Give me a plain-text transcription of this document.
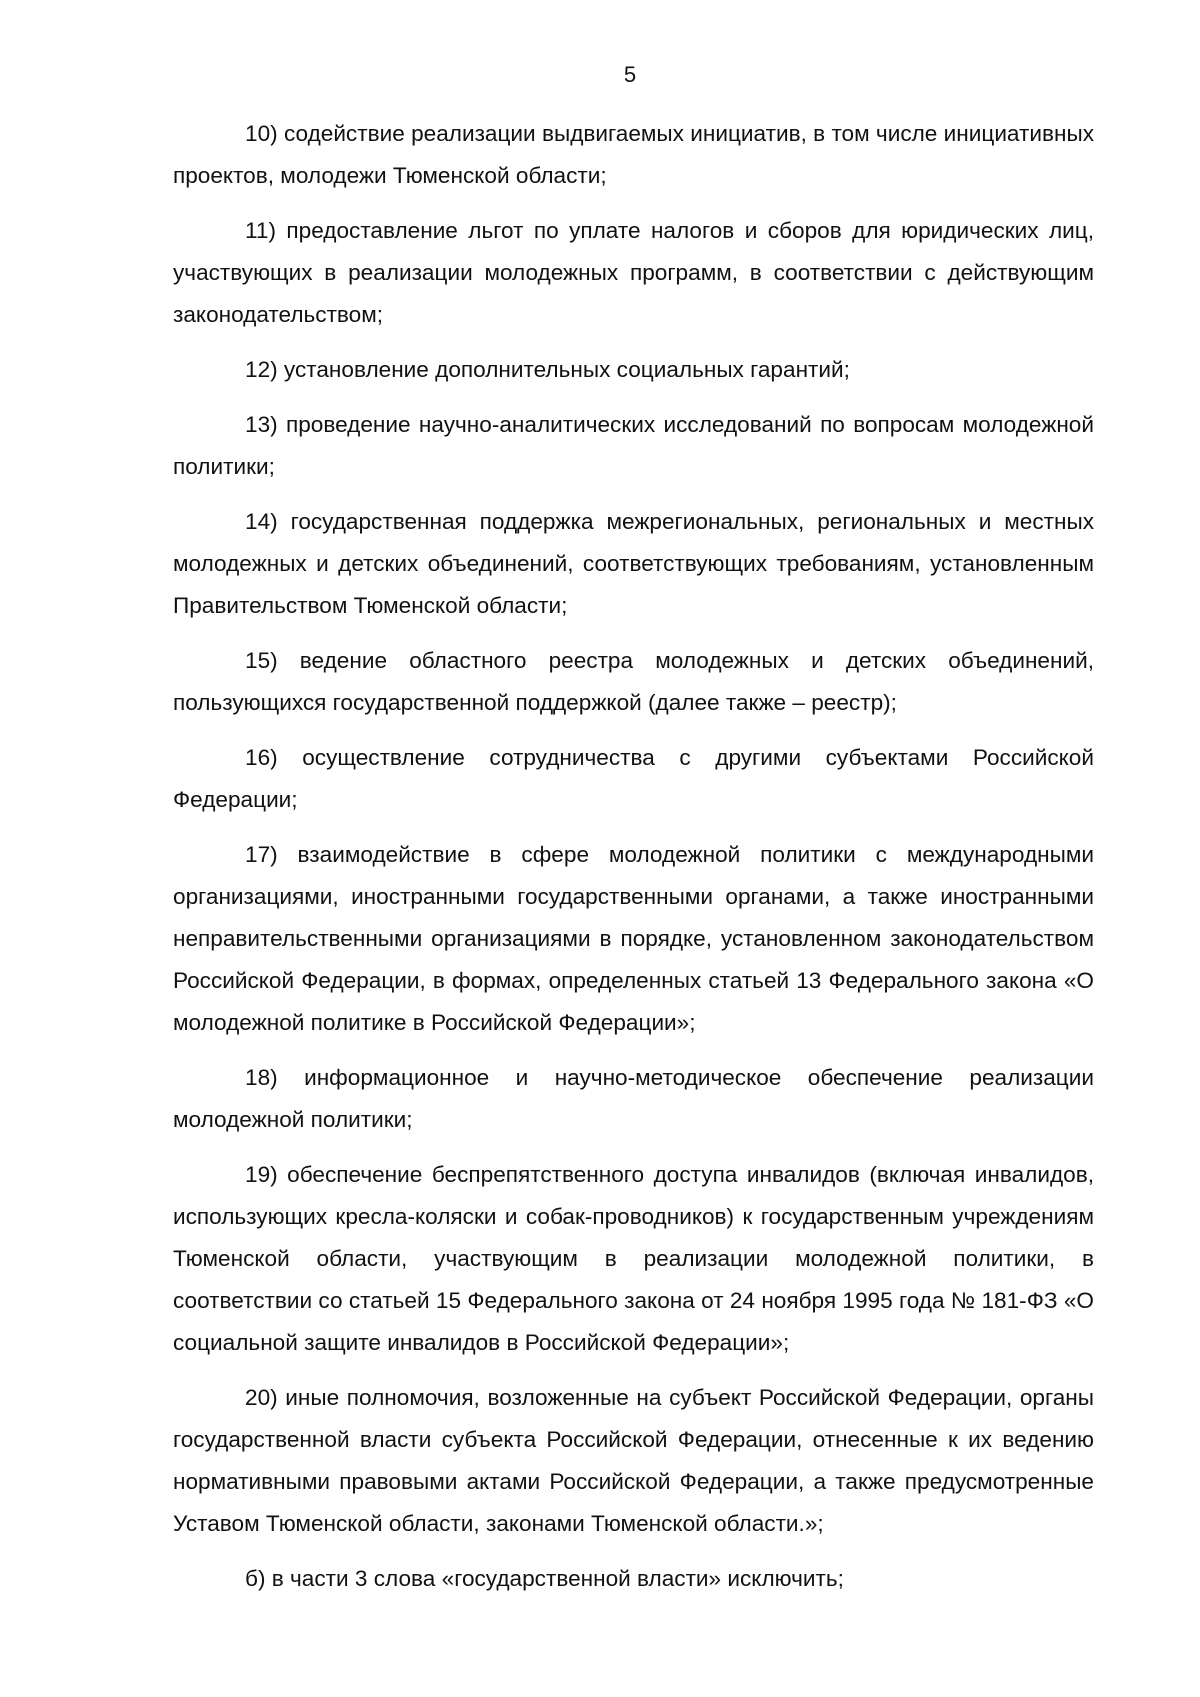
5

10) содействие реализации выдвигаемых инициатив, в том числе инициативных проектов, молодежи Тюменской области;

11) предоставление льгот по уплате налогов и сборов для юридических лиц, участвующих в реализации молодежных программ, в соответствии с действующим законодательством;

12) установление дополнительных социальных гарантий;

13) проведение научно-аналитических исследований по вопросам молодежной политики;

14) государственная поддержка межрегиональных, региональных и местных молодежных и детских объединений, соответствующих требованиям, установленным Правительством Тюменской области;

15) ведение областного реестра молодежных и детских объединений, пользующихся государственной поддержкой (далее также – реестр);

16) осуществление сотрудничества с другими субъектами Российской Федерации;

17) взаимодействие в сфере молодежной политики с международными организациями, иностранными государственными органами, а также иностранными неправительственными организациями в порядке, установленном законодательством Российской Федерации, в формах, определенных статьей 13 Федерального закона «О молодежной политике в Российской Федерации»;

18) информационное и научно-методическое обеспечение реализации молодежной политики;

19) обеспечение беспрепятственного доступа инвалидов (включая инвалидов, использующих кресла-коляски и собак-проводников) к государственным учреждениям Тюменской области, участвующим в реализации молодежной политики, в соответствии со статьей 15 Федерального закона от 24 ноября 1995 года № 181-ФЗ «О социальной защите инвалидов в Российской Федерации»;

20) иные полномочия, возложенные на субъект Российской Федерации, органы государственной власти субъекта Российской Федерации, отнесенные к их ведению нормативными правовыми актами Российской Федерации, а также предусмотренные Уставом Тюменской области, законами Тюменской области.»;

б) в части 3 слова «государственной власти» исключить;
